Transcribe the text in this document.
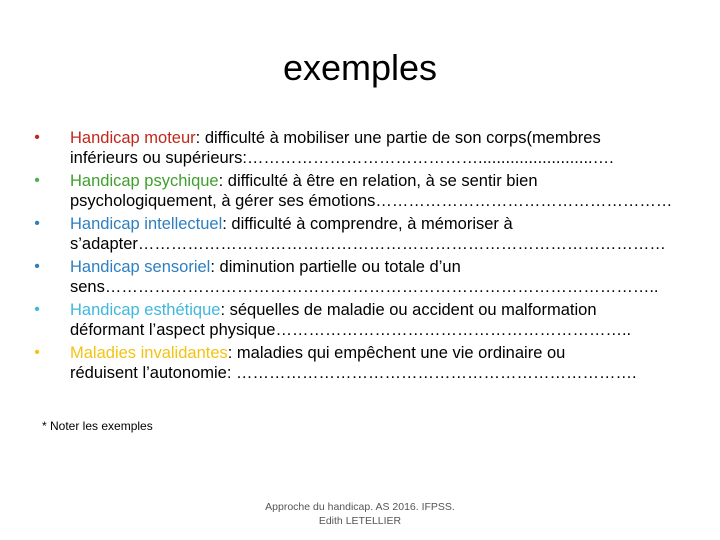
exemples
• Handicap moteur: difficulté à mobiliser une partie de son corps(membres
inférieurs ou supérieurs:…………………………………….........................….
• Handicap psychique: difficulté à être en relation, à se sentir bien
psychologiquement, à gérer ses émotions………………………………………………
• Handicap intellectuel: difficulté à comprendre, à mémoriser à
s’adapter……………………………………………………………………………………
• Handicap sensoriel: diminution partielle ou totale d’un
sens………………………………………………………………………………………..
• Handicap esthétique: séquelles de maladie ou accident ou malformation
déformant l’aspect physique………………………………………………………..
• Maladies invalidantes: maladies qui empêchent une vie ordinaire ou
réduisent l’autonomie: ……………………………………………………………….
* Noter les exemples
Approche du handicap. AS 2016. IFPSS.
Edith LETELLIER
